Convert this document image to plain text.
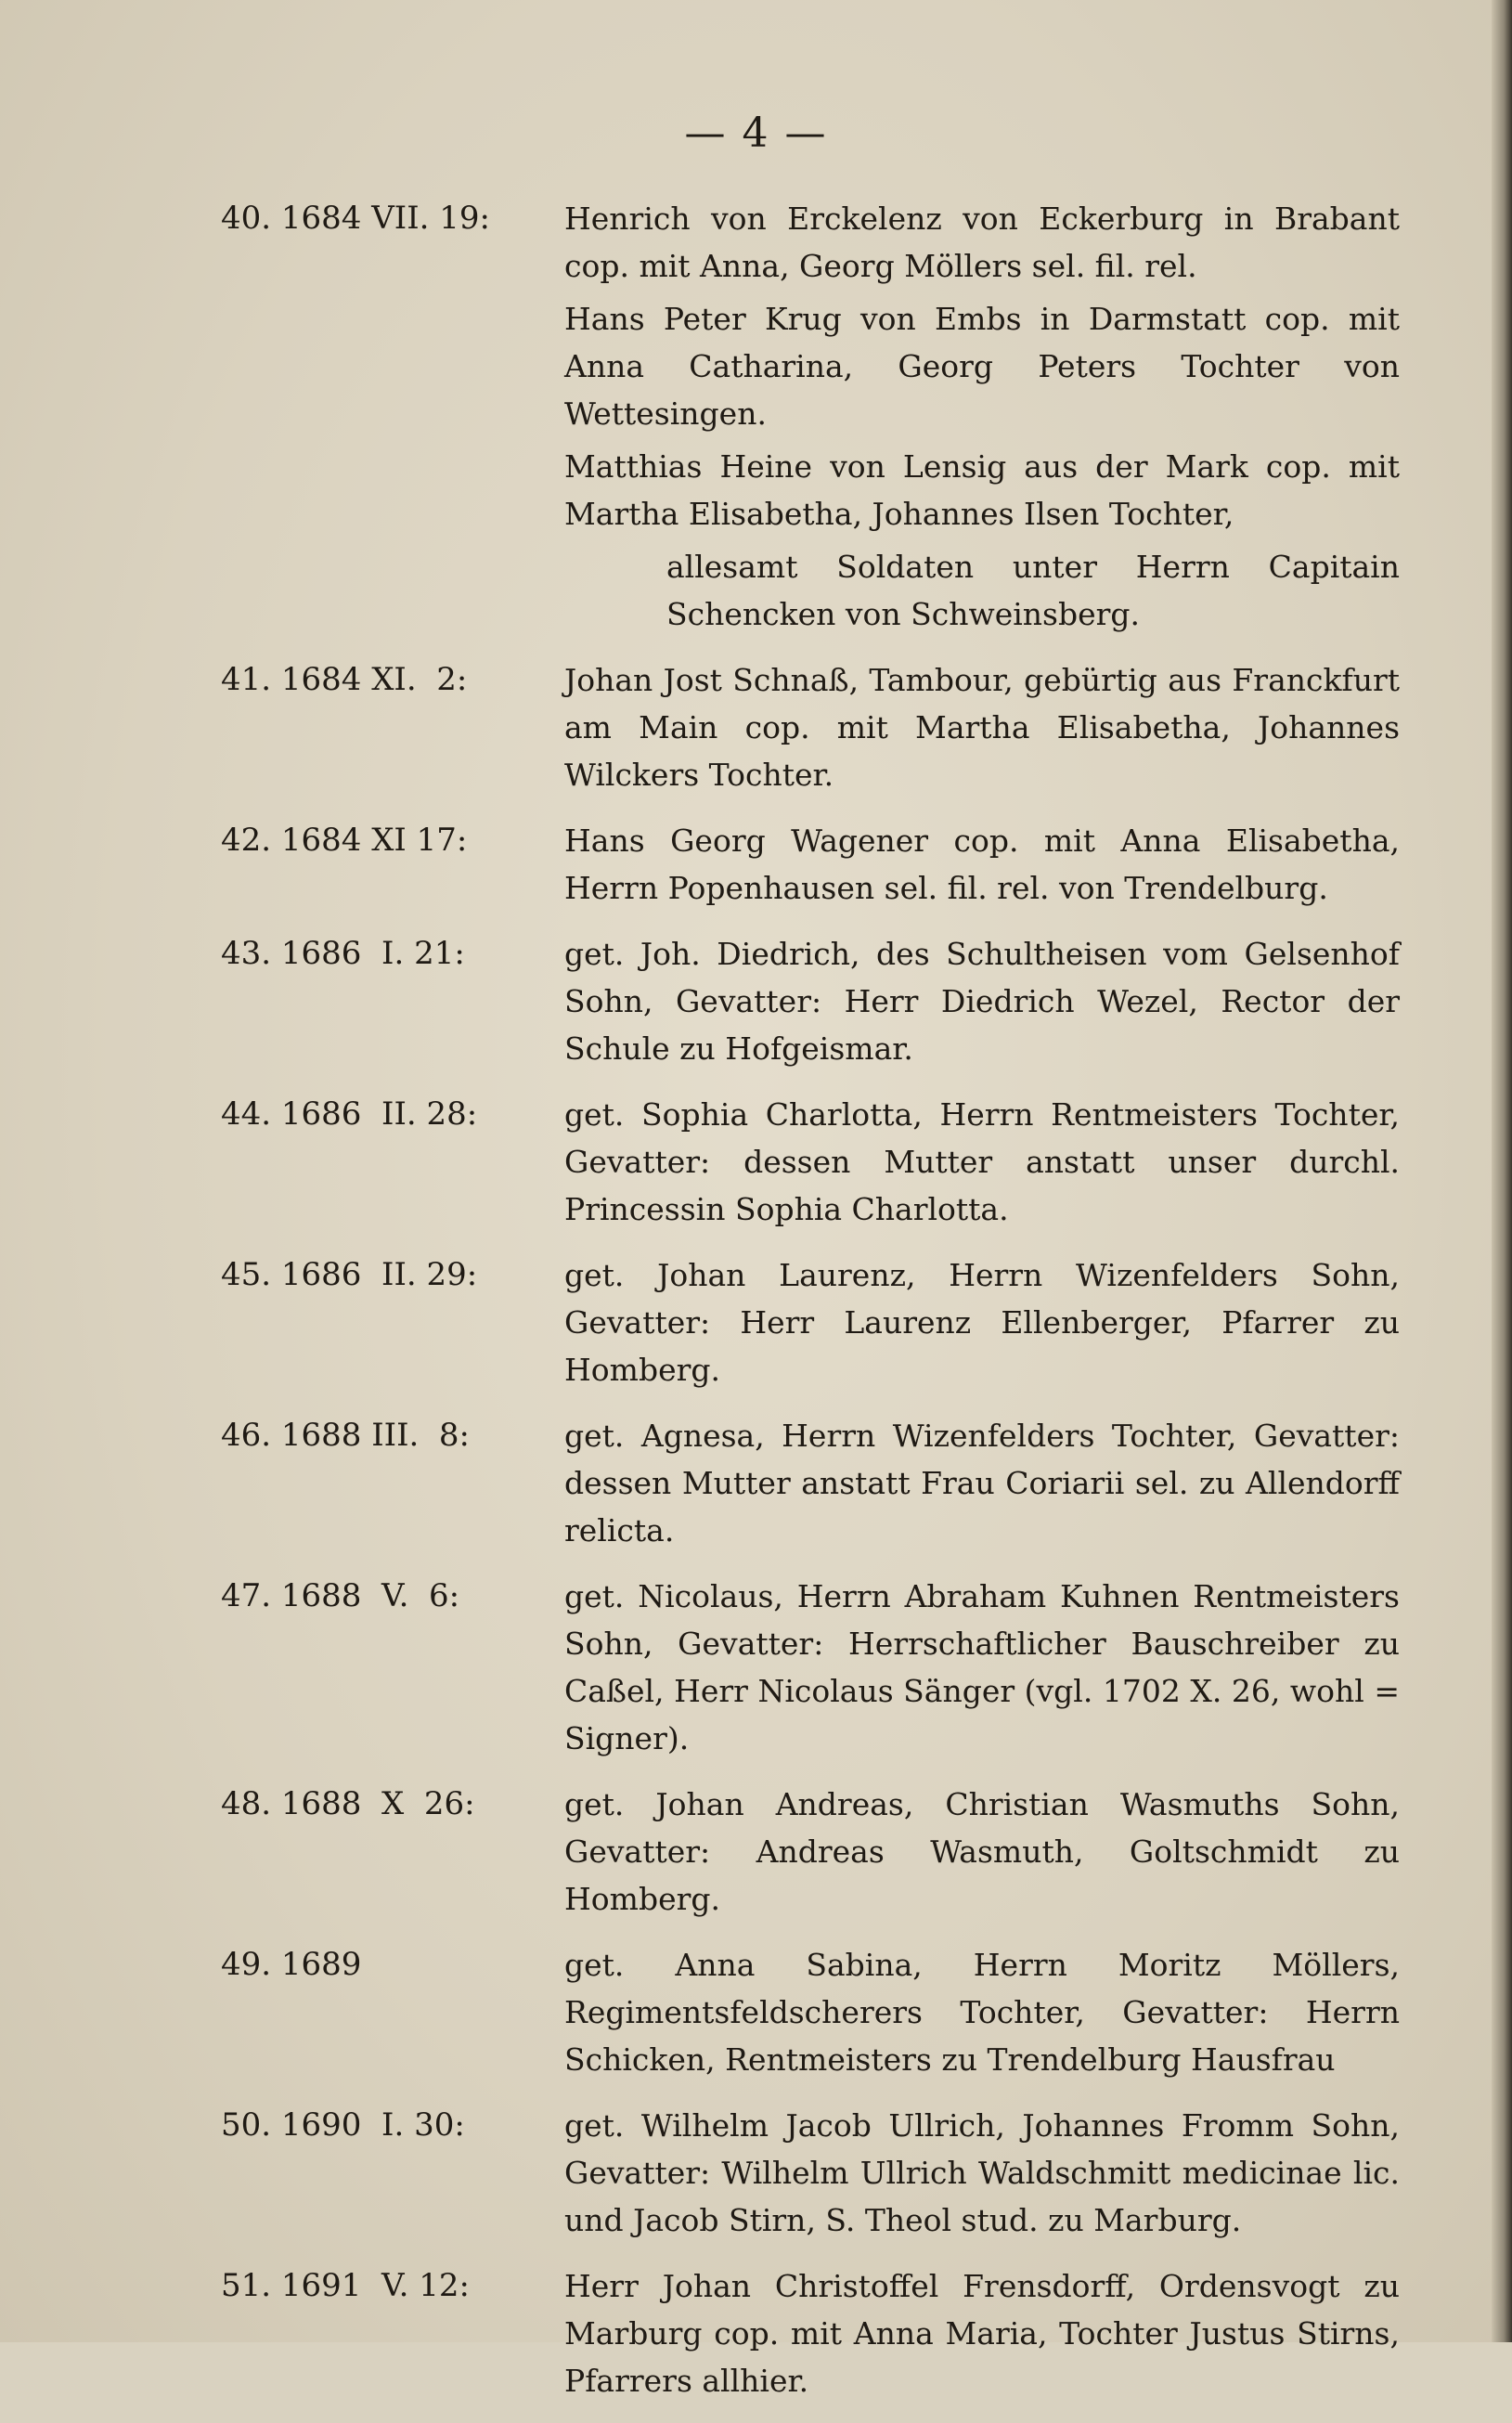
— 4 —
40. 1684 VII. 19:	Henrich von Erckelenz von Eckerburg in Brabant cop. mit Anna, Georg Möllers sel. fil. rel.

Hans Peter Krug von Embs in Darmstatt cop. mit Anna Catharina, Georg Peters Tochter von Wettesingen.

Matthias Heine von Lensig aus der Mark cop. mit Martha Elisabetha, Johannes Ilsen Tochter,

allesamt Soldaten unter Herrn Capitain Schencken von Schweinsberg.

41. 1684 XI.  2:	Johan Jost Schnaß, Tambour, gebürtig aus Franckfurt am Main cop. mit Martha Elisabetha, Johannes Wilckers Tochter.

42. 1684 XI 17:	Hans Georg Wagener cop. mit Anna Elisabetha, Herrn Popenhausen sel. fil. rel. von Trendelburg.

43. 1686  I. 21:	get. Joh. Diedrich, des Schultheisen vom Gelsenhof Sohn, Gevatter: Herr Diedrich Wezel, Rector der Schule zu Hofgeismar.

44. 1686  II. 28:	get. Sophia Charlotta, Herrn Rentmeisters Tochter, Gevatter: dessen Mutter anstatt unser durchl. Princessin Sophia Charlotta.

45. 1686  II. 29:	get. Johan Laurenz, Herrn Wizenfelders Sohn, Gevatter: Herr Laurenz Ellenberger, Pfarrer zu Homberg.

46. 1688 III.  8:	get. Agnesa, Herrn Wizenfelders Tochter, Gevatter: dessen Mutter anstatt Frau Coriarii sel. zu Allendorff relicta.

47. 1688  V.  6:	get. Nicolaus, Herrn Abraham Kuhnen Rentmeisters Sohn, Gevatter: Herrschaftlicher Bauschreiber zu Caßel, Herr Nicolaus Sänger (vgl. 1702 X. 26, wohl = Signer).

48. 1688  X  26:	get. Johan Andreas, Christian Wasmuths Sohn, Gevatter: Andreas Wasmuth, Goltschmidt zu Homberg.

49. 1689	get. Anna Sabina, Herrn Moritz Möllers, Regimentsfeldscherers Tochter, Gevatter: Herrn Schicken, Rentmeisters zu Trendelburg Hausfrau

50. 1690  I. 30:	get. Wilhelm Jacob Ullrich, Johannes Fromm Sohn, Gevatter: Wilhelm Ullrich Waldschmitt medicinae lic. und Jacob Stirn, S. Theol stud. zu Marburg.

51. 1691  V. 12:	Herr Johan Christoffel Frensdorff, Ordensvogt zu Marburg cop. mit Anna Maria, Tochter Justus Stirns, Pfarrers allhier.
